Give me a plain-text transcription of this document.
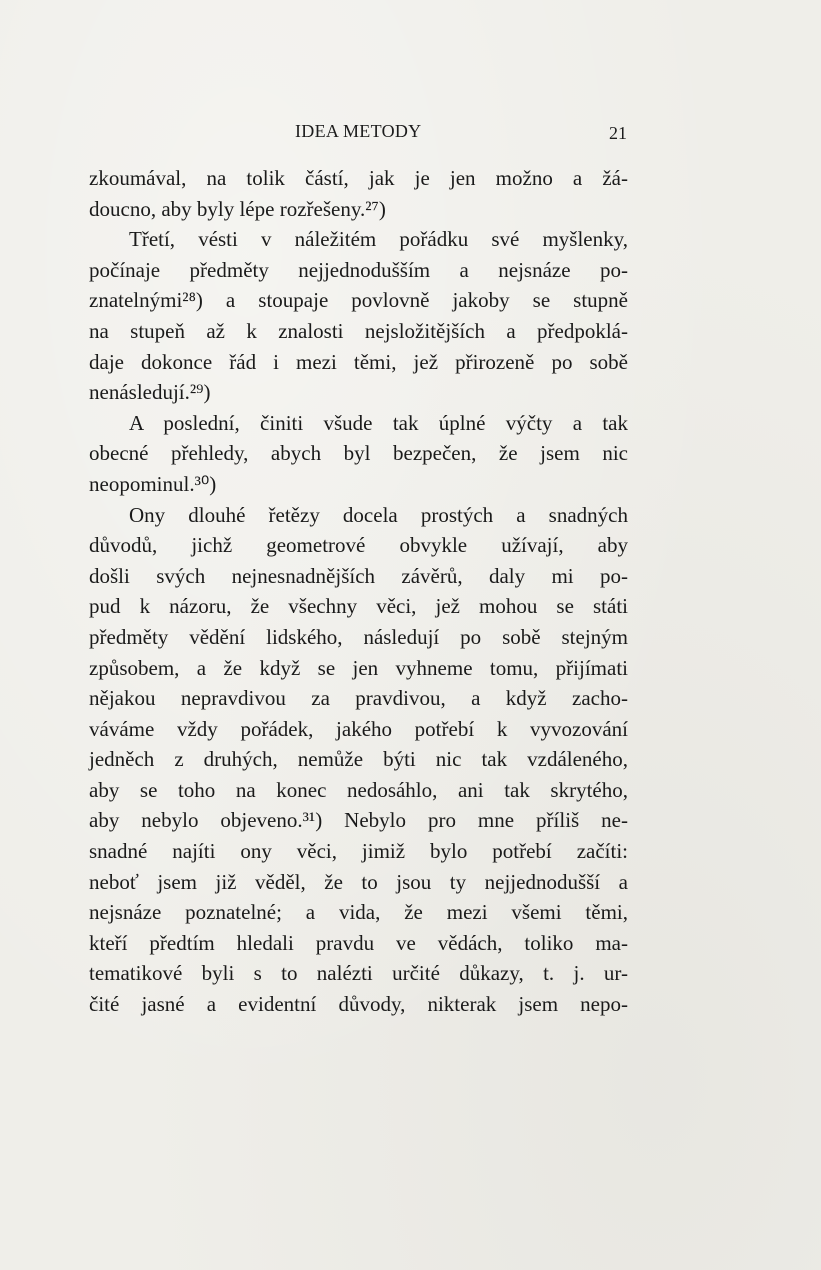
IDEA METODY	21
zkoumával, na tolik částí, jak je jen možno a žá-
doucno, aby byly lépe rozřešeny.²⁷)
Třetí, vésti v náležitém pořádku své myšlenky,
počínaje předměty nejjednodušším a nejsnáze po-
znatelnými²⁸) a stoupaje povlovně jakoby se stupně
na stupeň až k znalosti nejsložitějších a předpoklá-
daje dokonce řád i mezi těmi, jež přirozeně po sobě
nenásledují.²⁹)
A poslední, činiti všude tak úplné výčty a tak
obecné přehledy, abych byl bezpečen, že jsem nic
neopominul.³⁰)
Ony dlouhé řetězy docela prostých a snadných
důvodů, jichž geometrové obvykle užívají, aby
došli svých nejnesnadnějších závěrů, daly mi po-
pud k názoru, že všechny věci, jež mohou se státi
předměty vědění lidského, následují po sobě stejným
způsobem, a že když se jen vyhneme tomu, přijímati
nějakou nepravdivou za pravdivou, a když zacho-
váváme vždy pořádek, jakého potřebí k vyvozování
jedněch z druhých, nemůže býti nic tak vzdáleného,
aby se toho na konec nedosáhlo, ani tak skrytého,
aby nebylo objeveno.³¹) Nebylo pro mne příliš ne-
snadné najíti ony věci, jimiž bylo potřebí začíti:
neboť jsem již věděl, že to jsou ty nejjednodušší a
nejsnáze poznatelné; a vida, že mezi všemi těmi,
kteří předtím hledali pravdu ve vědách, toliko ma-
tematikové byli s to nalézti určité důkazy, t. j. ur-
čité jasné a evidentní důvody, nikterak jsem nepo-
